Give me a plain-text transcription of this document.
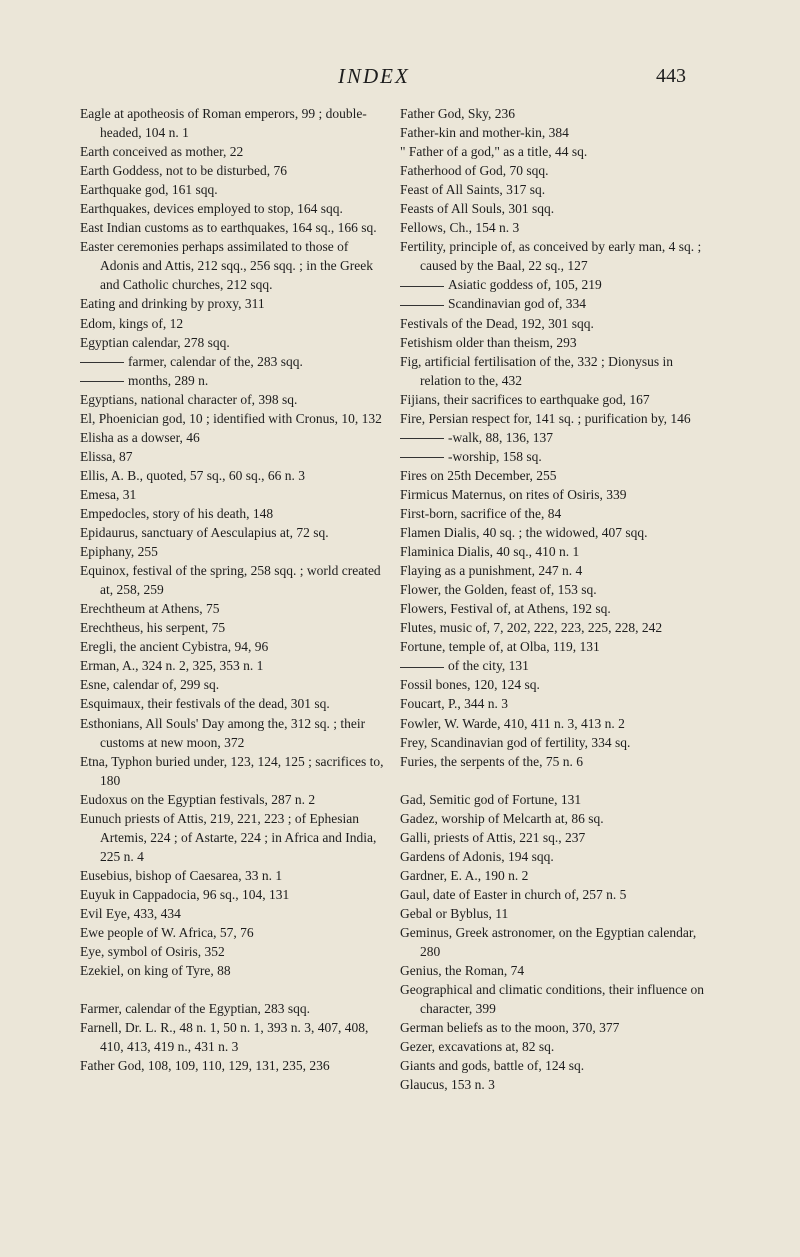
INDEX	443

Eagle at apotheosis of Roman emperors, 99 ; double-headed, 104 n. 1

Earth conceived as mother, 22

Earth Goddess, not to be disturbed, 76

Earthquake god, 161 sqq.

Earthquakes, devices employed to stop, 164 sqq.

East Indian customs as to earthquakes, 164 sq., 166 sq.

Easter ceremonies perhaps assimilated to those of Adonis and Attis, 212 sqq., 256 sqq. ; in the Greek and Catholic churches, 212 sqq.

Eating and drinking by proxy, 311

Edom, kings of, 12

Egyptian calendar, 278 sqq.

farmer, calendar of the, 283 sqq.

months, 289 n.

Egyptians, national character of, 398 sq.

El, Phoenician god, 10 ; identified with Cronus, 10, 132

Elisha as a dowser, 46

Elissa, 87

Ellis, A. B., quoted, 57 sq., 60 sq., 66 n. 3

Emesa, 31

Empedocles, story of his death, 148

Epidaurus, sanctuary of Aesculapius at, 72 sq.

Epiphany, 255

Equinox, festival of the spring, 258 sqq. ; world created at, 258, 259

Erechtheum at Athens, 75

Erechtheus, his serpent, 75

Eregli, the ancient Cybistra, 94, 96

Erman, A., 324 n. 2, 325, 353 n. 1

Esne, calendar of, 299 sq.

Esquimaux, their festivals of the dead, 301 sq.

Esthonians, All Souls' Day among the, 312 sq. ; their customs at new moon, 372

Etna, Typhon buried under, 123, 124, 125 ; sacrifices to, 180

Eudoxus on the Egyptian festivals, 287 n. 2

Eunuch priests of Attis, 219, 221, 223 ; of Ephesian Artemis, 224 ; of Astarte, 224 ; in Africa and India, 225 n. 4

Eusebius, bishop of Caesarea, 33 n. 1

Euyuk in Cappadocia, 96 sq., 104, 131

Evil Eye, 433, 434

Ewe people of W. Africa, 57, 76

Eye, symbol of Osiris, 352

Ezekiel, on king of Tyre, 88

Farmer, calendar of the Egyptian, 283 sqq.

Farnell, Dr. L. R., 48 n. 1, 50 n. 1, 393 n. 3, 407, 408, 410, 413, 419 n., 431 n. 3

Father God, 108, 109, 110, 129, 131, 235, 236

Father God, Sky, 236

Father-kin and mother-kin, 384

" Father of a god," as a title, 44 sq.

Fatherhood of God, 70 sqq.

Feast of All Saints, 317 sq.

Feasts of All Souls, 301 sqq.

Fellows, Ch., 154 n. 3

Fertility, principle of, as conceived by early man, 4 sq. ; caused by the Baal, 22 sq., 127

Asiatic goddess of, 105, 219

Scandinavian god of, 334

Festivals of the Dead, 192, 301 sqq.

Fetishism older than theism, 293

Fig, artificial fertilisation of the, 332 ; Dionysus in relation to the, 432

Fijians, their sacrifices to earthquake god, 167

Fire, Persian respect for, 141 sq. ; purification by, 146

-walk, 88, 136, 137

-worship, 158 sq.

Fires on 25th December, 255

Firmicus Maternus, on rites of Osiris, 339

First-born, sacrifice of the, 84

Flamen Dialis, 40 sq. ; the widowed, 407 sqq.

Flaminica Dialis, 40 sq., 410 n. 1

Flaying as a punishment, 247 n. 4

Flower, the Golden, feast of, 153 sq.

Flowers, Festival of, at Athens, 192 sq.

Flutes, music of, 7, 202, 222, 223, 225, 228, 242

Fortune, temple of, at Olba, 119, 131

of the city, 131

Fossil bones, 120, 124 sq.

Foucart, P., 344 n. 3

Fowler, W. Warde, 410, 411 n. 3, 413 n. 2

Frey, Scandinavian god of fertility, 334 sq.

Furies, the serpents of the, 75 n. 6

Gad, Semitic god of Fortune, 131

Gadez, worship of Melcarth at, 86 sq.

Galli, priests of Attis, 221 sq., 237

Gardens of Adonis, 194 sqq.

Gardner, E. A., 190 n. 2

Gaul, date of Easter in church of, 257 n. 5

Gebal or Byblus, 11

Geminus, Greek astronomer, on the Egyptian calendar, 280

Genius, the Roman, 74

Geographical and climatic conditions, their influence on character, 399

German beliefs as to the moon, 370, 377

Gezer, excavations at, 82 sq.

Giants and gods, battle of, 124 sq.

Glaucus, 153 n. 3
